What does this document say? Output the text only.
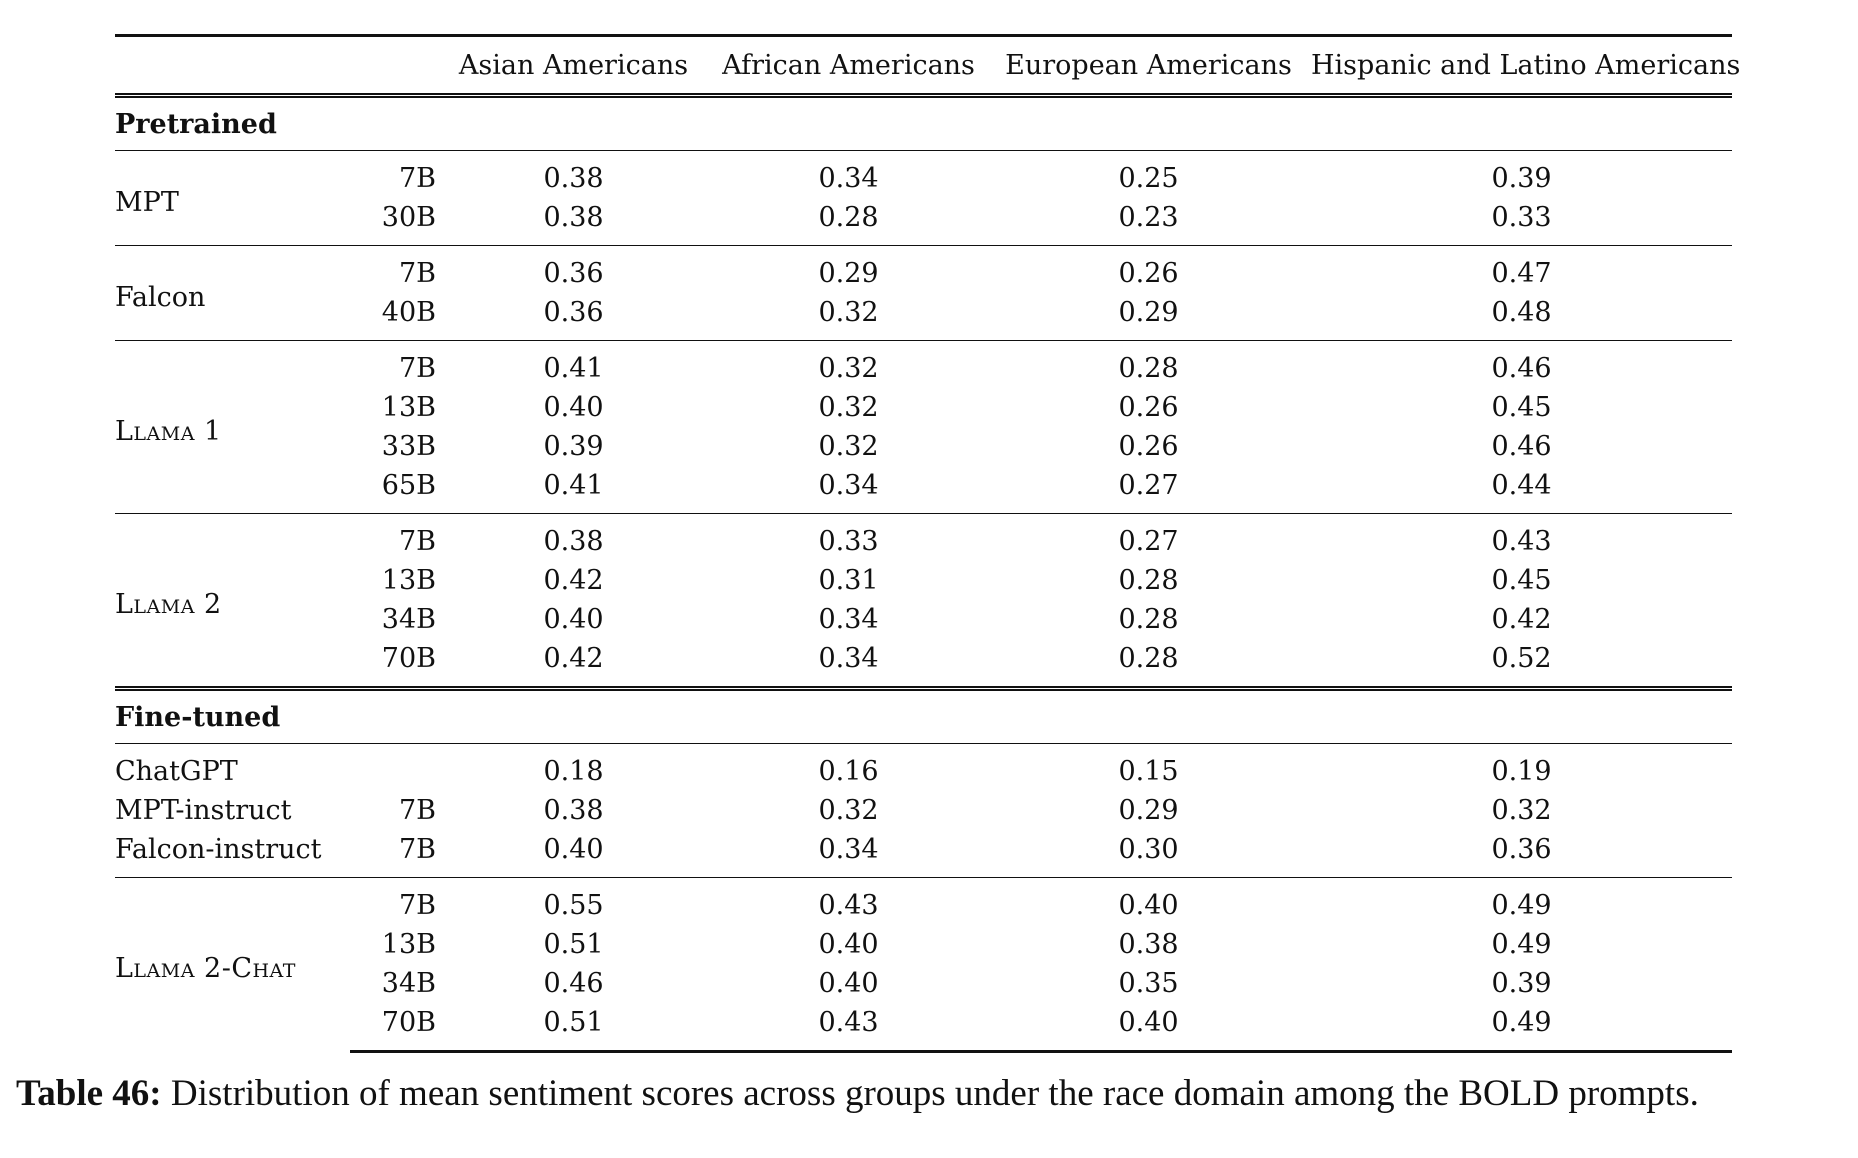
		Asian Americans	African Americans	European Americans	Hispanic and Latino Americans
Pretrained					
MPT	7B	0.38	0.34	0.25	0.39
	30B	0.38	0.28	0.23	0.33
Falcon	7B	0.36	0.29	0.26	0.47
	40B	0.36	0.32	0.29	0.48
Llama 1	7B	0.41	0.32	0.28	0.46
	13B	0.40	0.32	0.26	0.45
	33B	0.39	0.32	0.26	0.46
	65B	0.41	0.34	0.27	0.44
Llama 2	7B	0.38	0.33	0.27	0.43
	13B	0.42	0.31	0.28	0.45
	34B	0.40	0.34	0.28	0.42
	70B	0.42	0.34	0.28	0.52
Fine-tuned					
ChatGPT		0.18	0.16	0.15	0.19
MPT-instruct	7B	0.38	0.32	0.29	0.32
Falcon-instruct	7B	0.40	0.34	0.30	0.36
Llama 2-Chat	7B	0.55	0.43	0.40	0.49
	13B	0.51	0.40	0.38	0.49
	34B	0.46	0.40	0.35	0.39
	70B	0.51	0.43	0.40	0.49
Table 46: Distribution of mean sentiment scores across groups under the race domain among the BOLD prompts.
